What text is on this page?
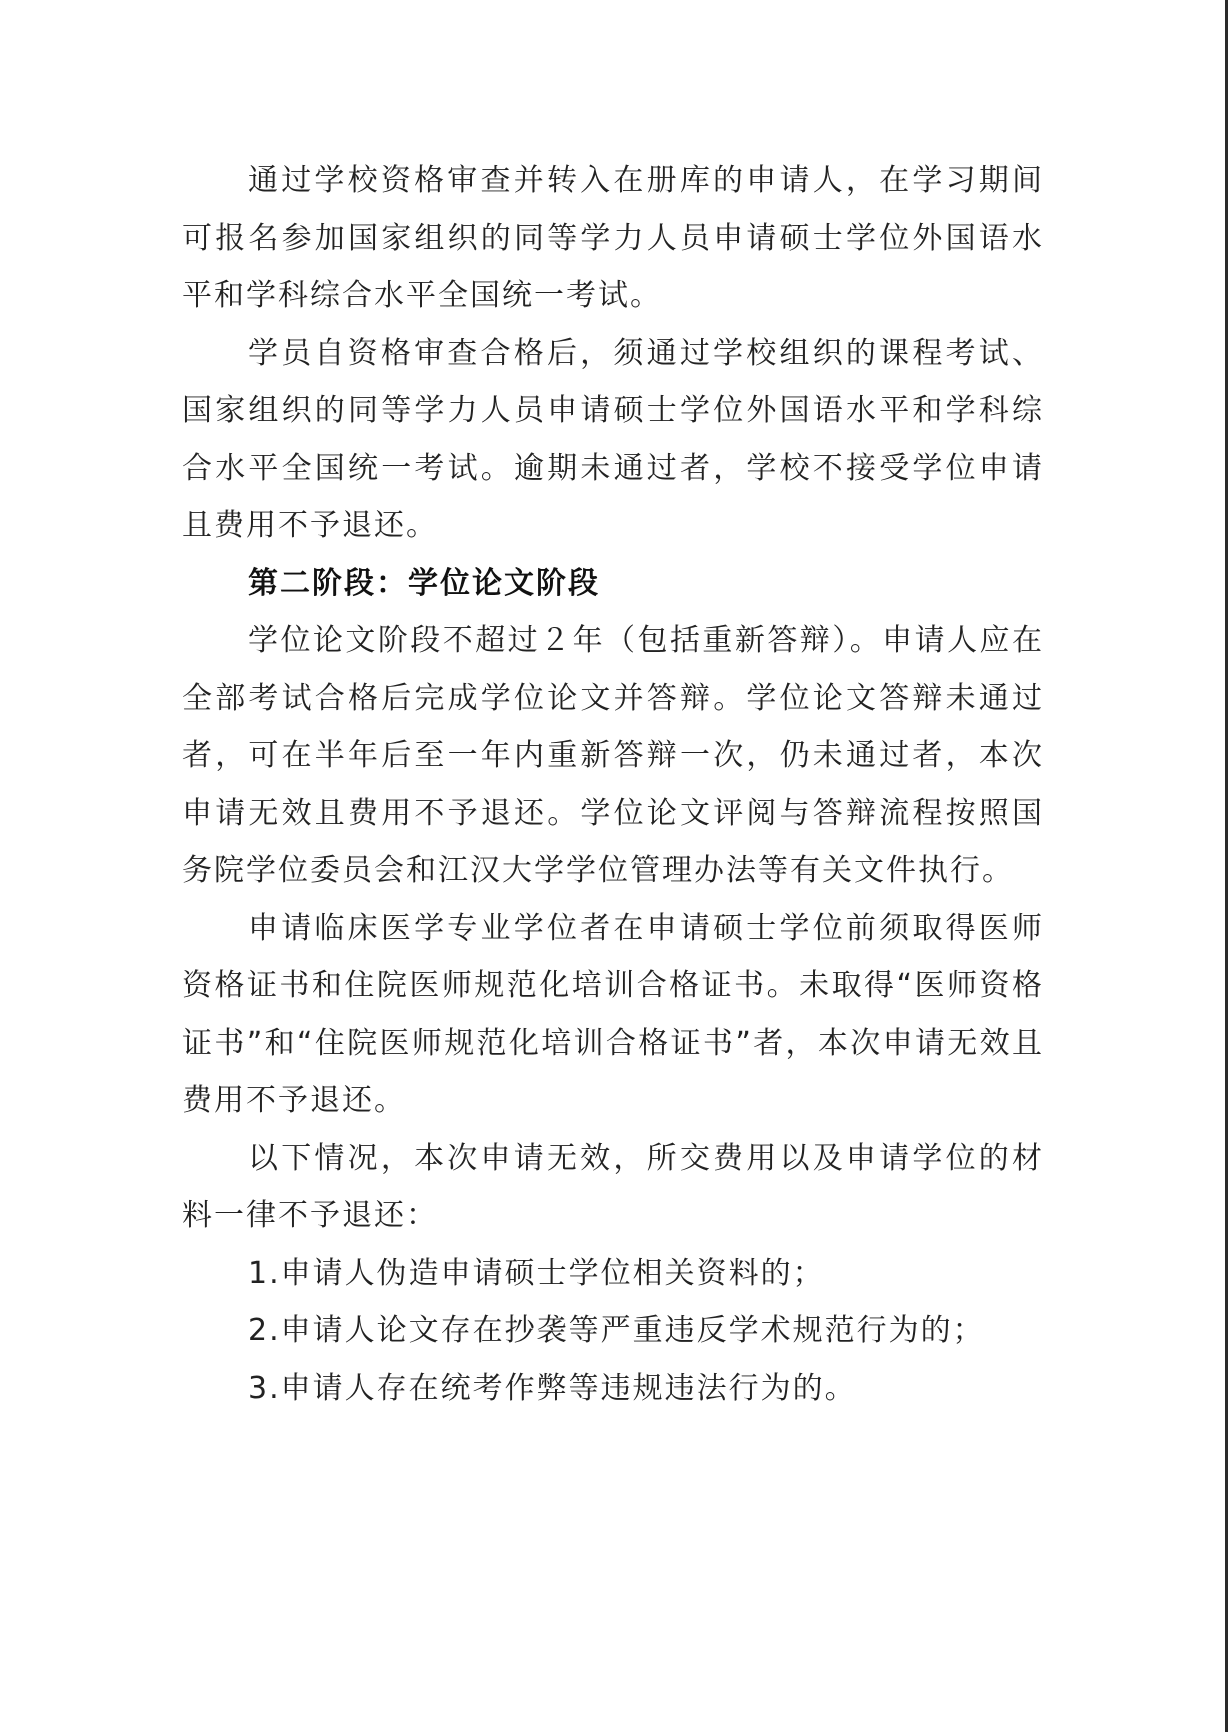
通过学校资格审查并转入在册库的申请人，在学习期间可报名参加国家组织的同等学力人员申请硕士学位外国语水平和学科综合水平全国统一考试。

学员自资格审查合格后，须通过学校组织的课程考试、国家组织的同等学力人员申请硕士学位外国语水平和学科综合水平全国统一考试。逾期未通过者，学校不接受学位申请且费用不予退还。

第二阶段：学位论文阶段

学位论文阶段不超过２年（包括重新答辩）。申请人应在全部考试合格后完成学位论文并答辩。学位论文答辩未通过者，可在半年后至一年内重新答辩一次，仍未通过者，本次申请无效且费用不予退还。学位论文评阅与答辩流程按照国务院学位委员会和江汉大学学位管理办法等有关文件执行。

申请临床医学专业学位者在申请硕士学位前须取得医师资格证书和住院医师规范化培训合格证书。未取得“医师资格证书”和“住院医师规范化培训合格证书”者，本次申请无效且费用不予退还。

以下情况，本次申请无效，所交费用以及申请学位的材料一律不予退还：

1.申请人伪造申请硕士学位相关资料的；

2.申请人论文存在抄袭等严重违反学术规范行为的；

3.申请人存在统考作弊等违规违法行为的。
